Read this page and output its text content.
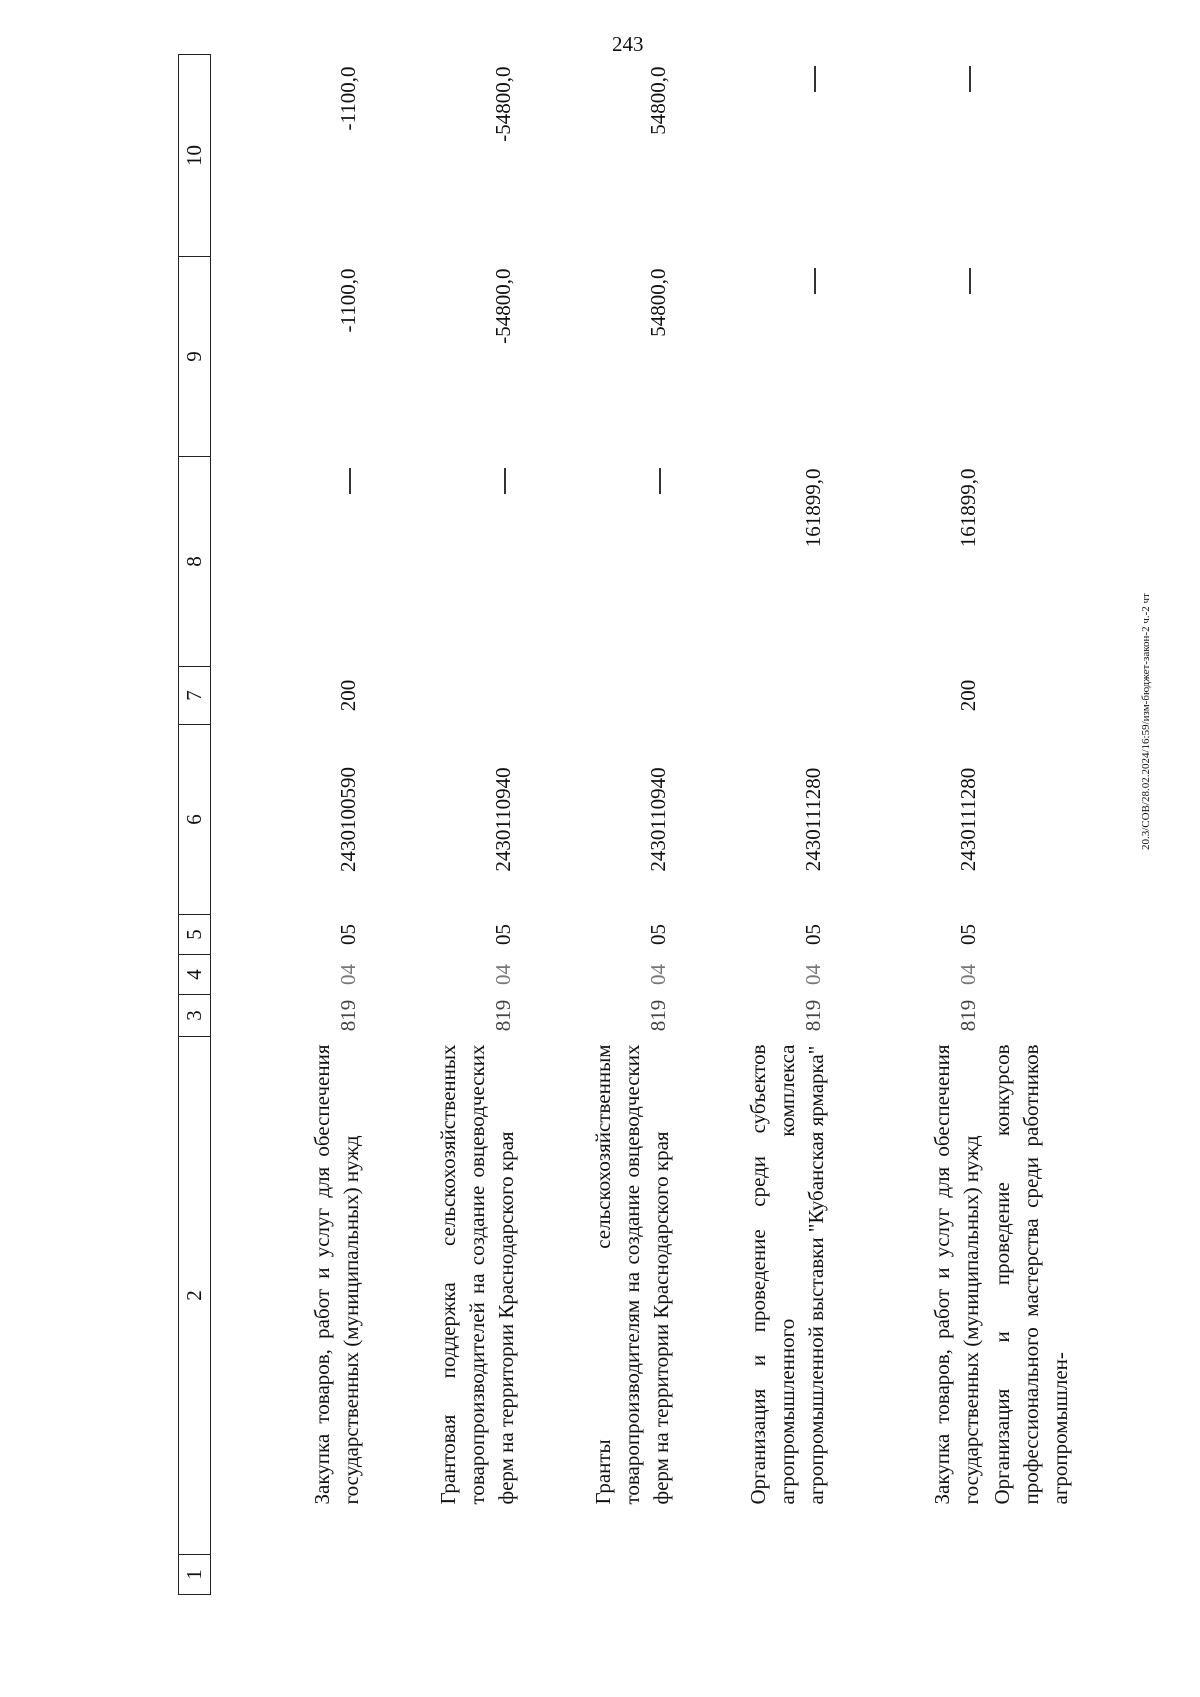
243
20.3/СОВ/28.02.2024/16:59/изм-бюджет-закон-2 ч.-2 чт
1	2	3	4	5	6	7	8	9	10
	Закупка товаров, работ и услуг для обеспечения государственных (муниципальных) нужд	819	04	05	2430100590	200		-1100,0	-1100,0
	Грантовая поддержка сельскохозяйственных товаропроизводителей на создание овцеводческих ферм на территории Краснодарского края	819	04	05	2430110940			-54800,0	-54800,0
	Гранты сельскохозяйственным товаропроизводителям на создание овцеводческих ферм на территории Краснодарского края	819	04	05	2430110940			54800,0	54800,0
	Организация и проведение среди субъектов агропромышленного комплекса агропромышленной выставки "Кубанская ярмарка"	819	04	05	2430111280		161899,0		
	Закупка товаров, работ и услуг для обеспечения государственных (муниципальных) нужд	819	04	05	2430111280	200	161899,0		
	Организация и проведение конкурсов профессионального мастерства среди работников агропромышлен-								
